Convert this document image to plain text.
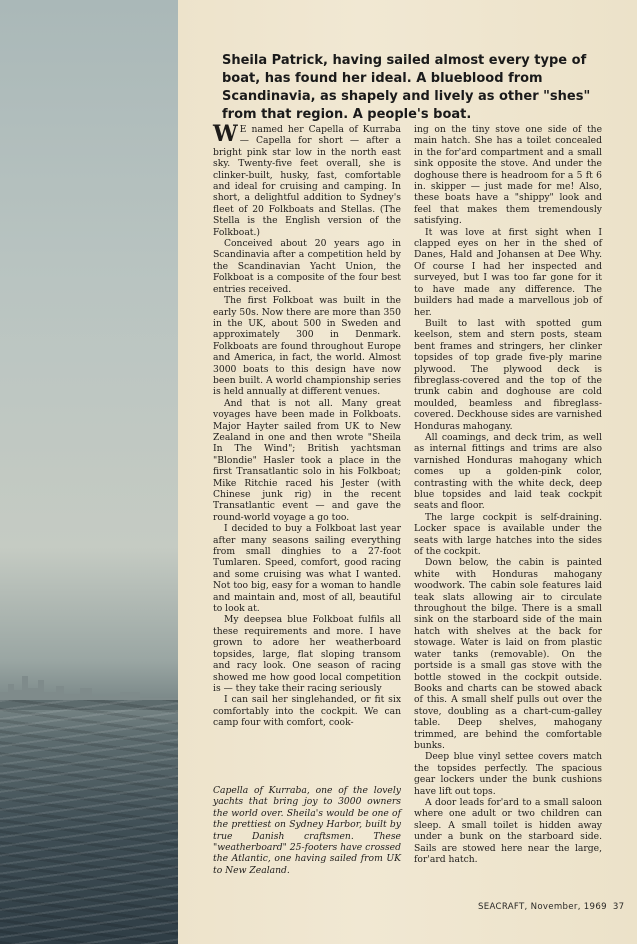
Sheila Patrick, having sailed almost every type of boat, has found her ideal. A blueblood from Scandinavia, as shapely and lively as other "shes" from that region. A people's boat.

W E named her Capella of Kurraba — Capella for short — after a bright pink star low in the north east sky. Twenty-five feet overall, she is clinker-built, husky, fast, comfortable and ideal for cruising and camping. In short, a delightful addition to Sydney's fleet of 20 Folkboats and Stellas. (The Stella is the English version of the Folkboat.)

Conceived about 20 years ago in Scandinavia after a competition held by the Scandinavian Yacht Union, the Folkboat is a composite of the four best entries received.

The first Folkboat was built in the early 50s. Now there are more than 350 in the UK, about 500 in Sweden and approximately 300 in Denmark. Folkboats are found throughout Europe and America, in fact, the world. Almost 3000 boats to this design have now been built. A world championship series is held annually at different venues.

And that is not all. Many great voyages have been made in Folkboats. Major Hayter sailed from UK to New Zealand in one and then wrote "Sheila In The Wind"; British yachtsman "Blondie" Hasler took a place in the first Transatlantic solo in his Folkboat; Mike Ritchie raced his Jester (with Chinese junk rig) in the recent Transatlantic event — and gave the round-world voyage a go too.

I decided to buy a Folkboat last year after many seasons sailing everything from small dinghies to a 27-foot Tumlaren. Speed, comfort, good racing and some cruising was what I wanted. Not too big, easy for a woman to handle and maintain and, most of all, beautiful to look at.

My deepsea blue Folkboat fulfils all these requirements and more. I have grown to adore her weatherboard topsides, large, flat sloping transom and racy look. One season of racing showed me how good local competition is — they take their racing seriously

I can sail her singlehanded, or fit six comfortably into the cockpit. We can camp four with comfort, cook-

Capella of Kurraba, one of the lovely yachts that bring joy to 3000 owners the world over. Sheila's would be one of the prettiest on Sydney Harbor, built by true Danish craftsmen. These "weatherboard" 25-footers have crossed the Atlantic, one having sailed from UK to New Zealand.

ing on the tiny stove one side of the main hatch. She has a toilet concealed in the for'ard compartment and a small sink opposite the stove. And under the doghouse there is headroom for a 5 ft 6 in. skipper — just made for me! Also, these boats have a "shippy" look and feel that makes them tremendously satisfying.

It was love at first sight when I clapped eyes on her in the shed of Danes, Hald and Johansen at Dee Why. Of course I had her inspected and surveyed, but I was too far gone for it to have made any difference. The builders had made a marvellous job of her.

Built to last with spotted gum keelson, stem and stern posts, steam bent frames and stringers, her clinker topsides of top grade five-ply marine plywood. The plywood deck is fibreglass-covered and the top of the trunk cabin and doghouse are cold moulded, beamless and fibreglass-covered. Deckhouse sides are varnished Honduras mahogany.

All coamings, and deck trim, as well as internal fittings and trims are also varnished Honduras mahogany which comes up a golden-pink color, contrasting with the white deck, deep blue topsides and laid teak cockpit seats and floor.

The large cockpit is self-draining. Locker space is available under the seats with large hatches into the sides of the cockpit.

Down below, the cabin is painted white with Honduras mahogany woodwork. The cabin sole features laid teak slats allowing air to circulate throughout the bilge. There is a small sink on the starboard side of the main hatch with shelves at the back for stowage. Water is laid on from plastic water tanks (removable). On the portside is a small gas stove with the bottle stowed in the cockpit outside. Books and charts can be stowed aback of this. A small shelf pulls out over the stove, doubling as a chart-cum-galley table. Deep shelves, mahogany trimmed, are behind the comfortable bunks.

Deep blue vinyl settee covers match the topsides perfectly. The spacious gear lockers under the bunk cushions have lift out tops.

A door leads for'ard to a small saloon where one adult or two children can sleep. A small toilet is hidden away under a bunk on the starboard side. Sails are stowed here near the large, for'ard hatch.

SEACRAFT, November, 1969 37
